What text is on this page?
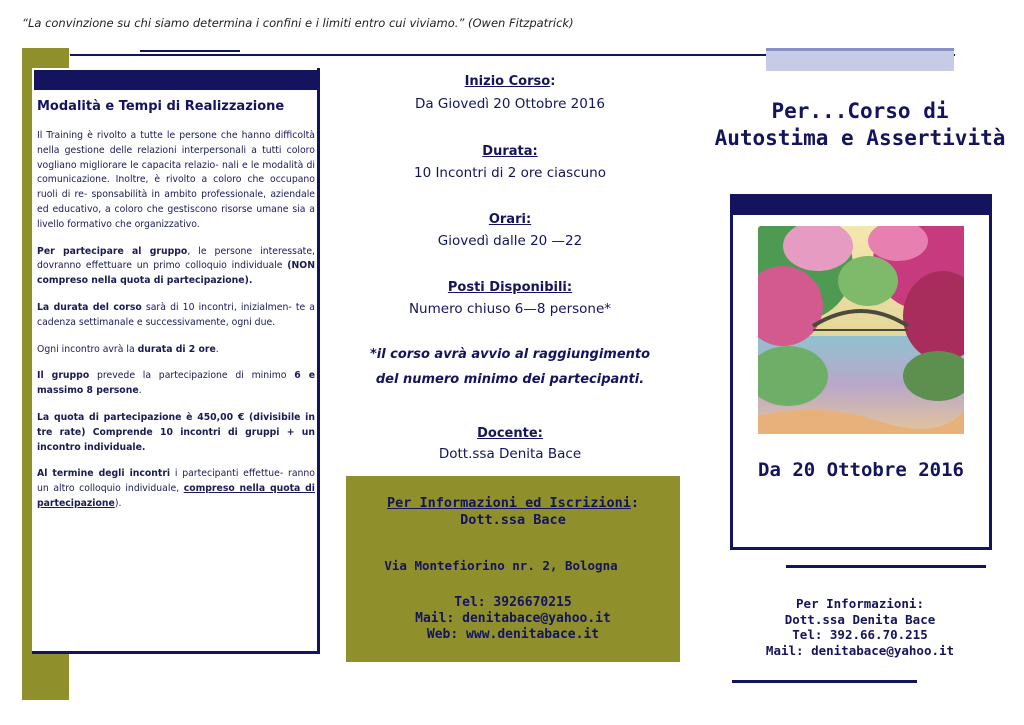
“La convinzione su chi siamo determina i confini e i limiti entro cui viviamo.” (Owen Fitzpatrick)
Modalità e Tempi di Realizzazione

Il Training è rivolto a tutte le persone che hanno difficoltà nella gestione delle relazioni interpersonali a tutti coloro vogliano migliorare le capacita relazio- nali e le modalità di comunicazione. Inoltre, è rivolto a coloro che occupano ruoli di re- sponsabilità in ambito professionale, aziendale ed educativo, a coloro che gestiscono risorse umane sia a livello formativo che organizzativo.

Per partecipare al gruppo, le persone interessate, dovranno effettuare un primo colloquio individuale (NON compreso nella quota di partecipazione).

La durata del corso sarà di 10 incontri, inizialmen- te a cadenza settimanale e successivamente, ogni due.

Ogni incontro avrà la durata di 2 ore.

Il gruppo prevede la partecipazione di minimo 6 e massimo 8 persone.

La quota di partecipazione è 450,00 € (divisibile in tre rate) Comprende 10 incontri di gruppi + un incontro individuale.

Al termine degli incontri i partecipanti effettue- ranno un altro colloquio individuale, compreso nella quota di partecipazione).

Inizio Corso:
Da Giovedì 20 Ottobre 2016
Durata:
10 Incontri di 2 ore ciascuno
Orari:
Giovedì dalle 20 —22
Posti Disponibili:
Numero chiuso 6—8 persone*
*il corso avrà avvio al raggiungimento
del numero minimo dei partecipanti.
Docente:
Dott.ssa Denita Bace
Per Informazioni ed Iscrizioni:
Dott.ssa Bace
Via Montefiorino nr. 2, Bologna
Tel: 3926670215
Mail: denitabace@yahoo.it
Web: www.denitabace.it
Per...Corso di
Autostima e Assertività
Da 20 Ottobre 2016
Per Informazioni:
Dott.ssa Denita Bace
Tel: 392.66.70.215
Mail: denitabace@yahoo.it
